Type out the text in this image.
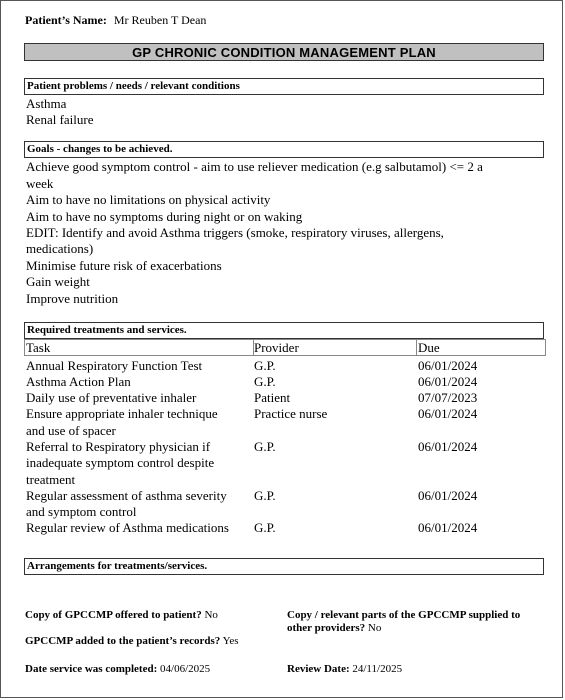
Patient’s Name: Mr Reuben T Dean
GP CHRONIC CONDITION MANAGEMENT PLAN
Patient problems / needs / relevant conditions
Asthma
Renal failure
Goals - changes to be achieved.
Achieve good symptom control - aim to use reliever medication (e.g salbutamol) <= 2 a
week
Aim to have no limitations on physical activity
Aim to have no symptoms during night or on waking
EDIT: Identify and avoid Asthma triggers (smoke, respiratory viruses, allergens,
medications)
Minimise future risk of exacerbations
Gain weight
Improve nutrition
Required treatments and services.
Task	Provider	Due
Annual Respiratory Function Test	G.P.	06/01/2024
Asthma Action Plan	G.P.	06/01/2024
Daily use of preventative inhaler	Patient	07/07/2023
Ensure appropriate inhaler technique
and use of spacer
Practice nurse	06/01/2024
Referral to Respiratory physician if
inadequate symptom control despite
treatment
G.P.	06/01/2024
Regular assessment of asthma severity
and symptom control
G.P.	06/01/2024
Regular review of Asthma medications G.P.	06/01/2024
Arrangements for treatments/services.
Copy of GPCCMP offered to patient? No	Copy / relevant parts of the GPCCMP supplied to
other providers? No
GPCCMP added to the patient’s records? Yes
Date service was completed: 04/06/2025	Review Date: 24/11/2025
